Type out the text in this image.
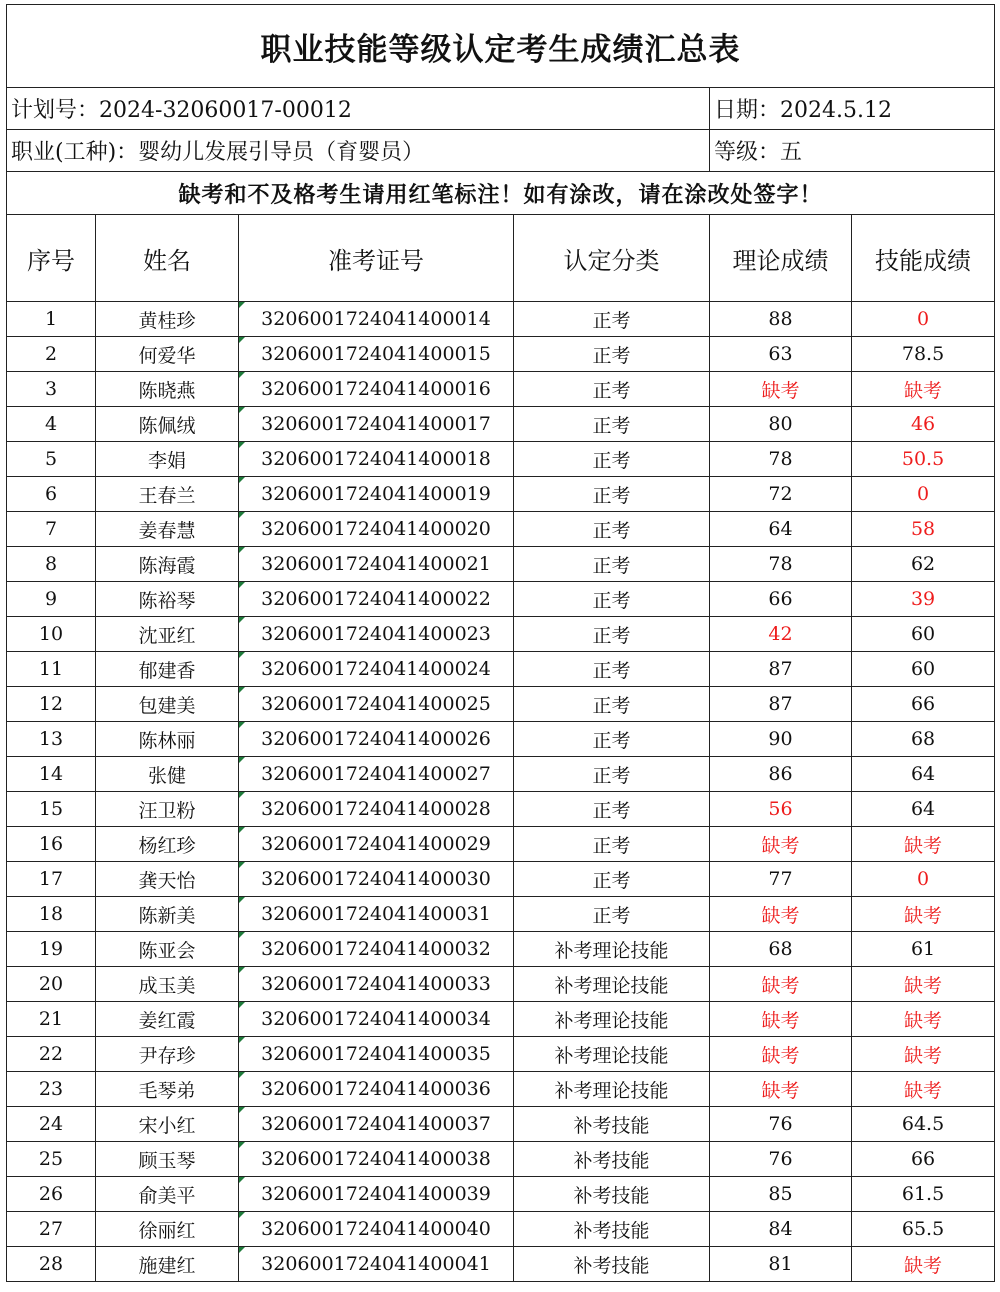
职业技能等级认定考生成绩汇总表					
计划号：2024-32060017-00012				日期：2024.5.12	
职业(工种)：婴幼儿发展引导员（育婴员）				等级：五	
缺考和不及格考生请用红笔标注！如有涂改，请在涂改处签字！					
序号	姓名	准考证号	认定分类	理论成绩	技能成绩
1	黄桂珍	3206001724041400014	正考	88	0
2	何爱华	3206001724041400015	正考	63	78.5
3	陈晓燕	3206001724041400016	正考	缺考	缺考
4	陈佩绒	3206001724041400017	正考	80	46
5	李娟	3206001724041400018	正考	78	50.5
6	王春兰	3206001724041400019	正考	72	0
7	姜春慧	3206001724041400020	正考	64	58
8	陈海霞	3206001724041400021	正考	78	62
9	陈裕琴	3206001724041400022	正考	66	39
10	沈亚红	3206001724041400023	正考	42	60
11	郁建香	3206001724041400024	正考	87	60
12	包建美	3206001724041400025	正考	87	66
13	陈林丽	3206001724041400026	正考	90	68
14	张健	3206001724041400027	正考	86	64
15	汪卫粉	3206001724041400028	正考	56	64
16	杨红珍	3206001724041400029	正考	缺考	缺考
17	龚天怡	3206001724041400030	正考	77	0
18	陈新美	3206001724041400031	正考	缺考	缺考
19	陈亚会	3206001724041400032	补考理论技能	68	61
20	成玉美	3206001724041400033	补考理论技能	缺考	缺考
21	姜红霞	3206001724041400034	补考理论技能	缺考	缺考
22	尹存珍	3206001724041400035	补考理论技能	缺考	缺考
23	毛琴弟	3206001724041400036	补考理论技能	缺考	缺考
24	宋小红	3206001724041400037	补考技能	76	64.5
25	顾玉琴	3206001724041400038	补考技能	76	66
26	俞美平	3206001724041400039	补考技能	85	61.5
27	徐丽红	3206001724041400040	补考技能	84	65.5
28	施建红	3206001724041400041	补考技能	81	缺考
